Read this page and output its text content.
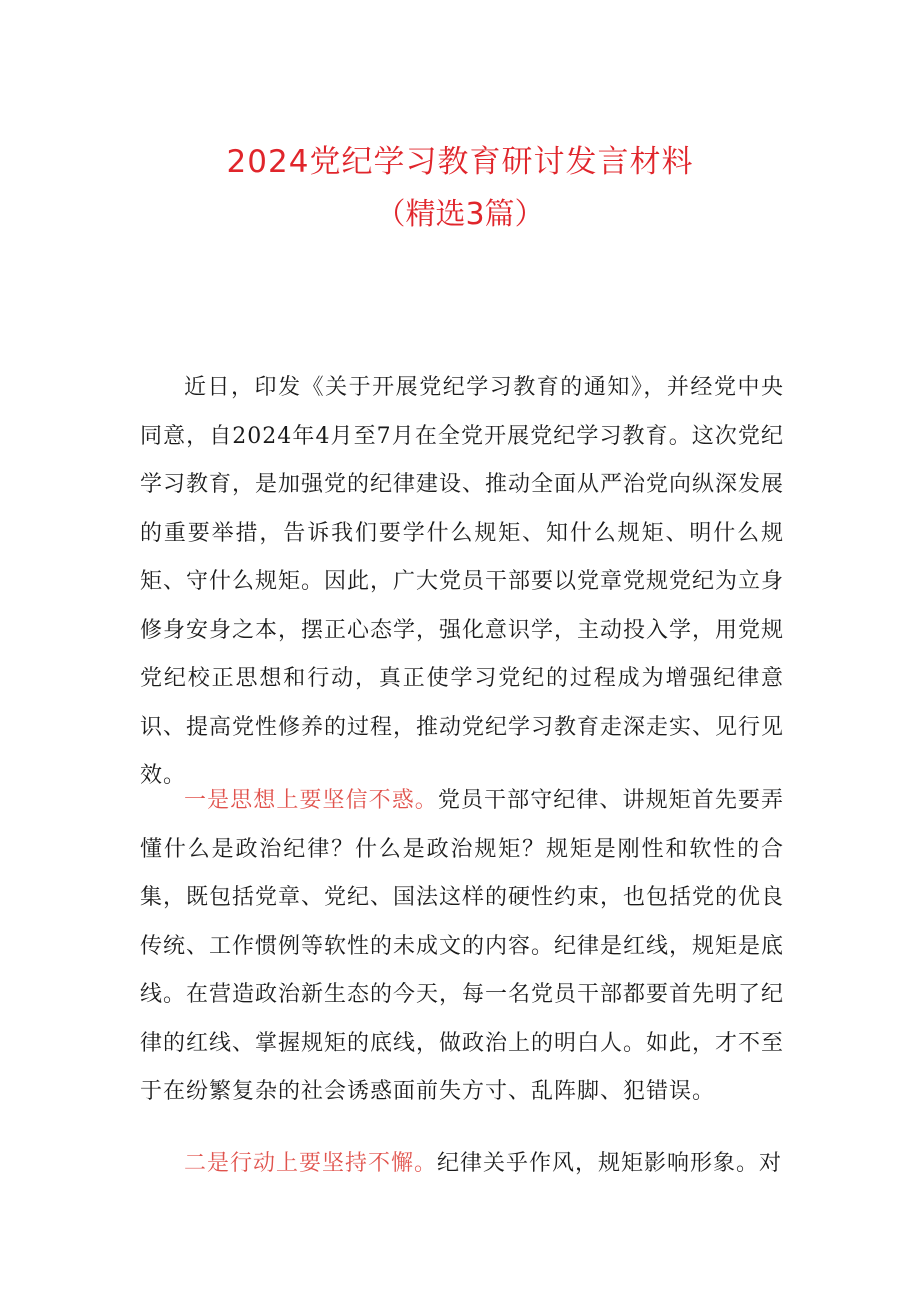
2024党纪学习教育研讨发言材料
（精选3篇）

近日，印发《关于开展党纪学习教育的通知》，并经党中央同意，自2024年4月至7月在全党开展党纪学习教育。这次党纪学习教育，是加强党的纪律建设、推动全面从严治党向纵深发展的重要举措，告诉我们要学什么规矩、知什么规矩、明什么规矩、守什么规矩。因此，广大党员干部要以党章党规党纪为立身修身安身之本，摆正心态学，强化意识学，主动投入学，用党规党纪校正思想和行动，真正使学习党纪的过程成为增强纪律意识、提高党性修养的过程，推动党纪学习教育走深走实、见行见效。

一是思想上要坚信不惑。党员干部守纪律、讲规矩首先要弄懂什么是政治纪律？什么是政治规矩？规矩是刚性和软性的合集，既包括党章、党纪、国法这样的硬性约束，也包括党的优良传统、工作惯例等软性的未成文的内容。纪律是红线，规矩是底线。在营造政治新生态的今天，每一名党员干部都要首先明了纪律的红线、掌握规矩的底线，做政治上的明白人。如此，才不至于在纷繁复杂的社会诱惑面前失方寸、乱阵脚、犯错误。

二是行动上要坚持不懈。纪律关乎作风，规矩影响形象。对
